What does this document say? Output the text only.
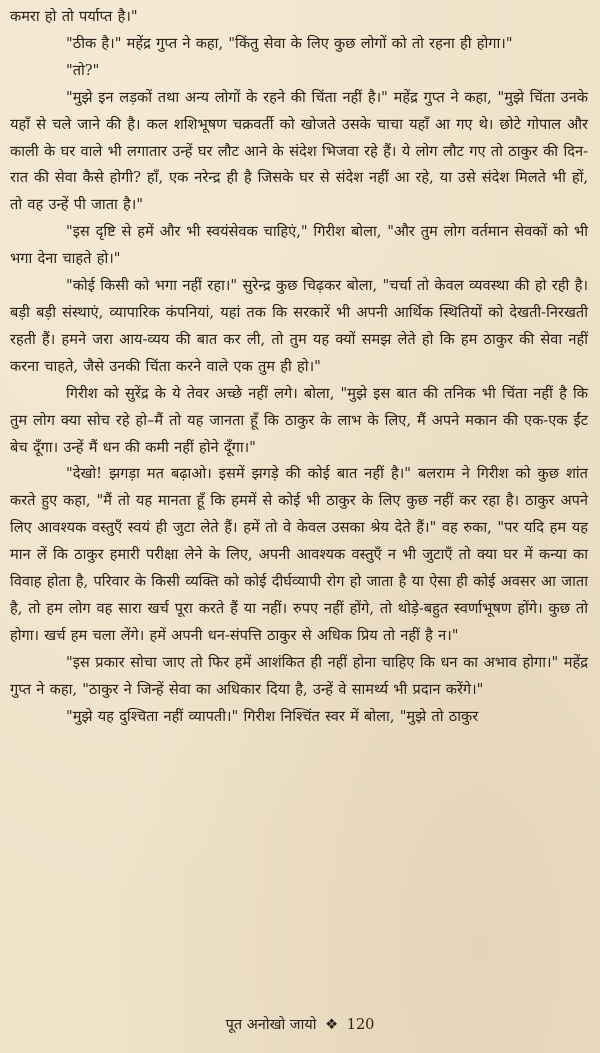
कमरा हो तो पर्याप्त है।"

"ठीक है।" महेंद्र गुप्त ने कहा, "किंतु सेवा के लिए कुछ लोगों को तो रहना ही होगा।"

"तो?"

"मुझे इन लड़कों तथा अन्य लोगों के रहने की चिंता नहीं है।" महेंद्र गुप्त ने कहा, "मुझे चिंता उनके यहाँ से चले जाने की है। कल शशिभूषण चक्रवर्ती को खोजते उसके चाचा यहाँ आ गए थे। छोटे गोपाल और काली के घर वाले भी लगातार उन्हें घर लौट आने के संदेश भिजवा रहे हैं। ये लोग लौट गए तो ठाकुर की दिन-रात की सेवा कैसे होगी? हाँ, एक नरेन्द्र ही है जिसके घर से संदेश नहीं आ रहे, या उसे संदेश मिलते भी हों, तो वह उन्हें पी जाता है।"

"इस दृष्टि से हमें और भी स्वयंसेवक चाहिएं," गिरीश बोला, "और तुम लोग वर्तमान सेवकों को भी भगा देना चाहते हो।"

"कोई किसी को भगा नहीं रहा।" सुरेन्द्र कुछ चिढ़कर बोला, "चर्चा तो केवल व्यवस्था की हो रही है। बड़ी बड़ी संस्थाएं, व्यापारिक कंपनियां, यहां तक कि सरकारें भी अपनी आर्थिक स्थितियों को देखती-निरखती रहती हैं। हमने जरा आय-व्यय की बात कर ली, तो तुम यह क्यों समझ लेते हो कि हम ठाकुर की सेवा नहीं करना चाहते, जैसे उनकी चिंता करने वाले एक तुम ही हो।"

गिरीश को सुरेंद्र के ये तेवर अच्छे नहीं लगे। बोला, "मुझे इस बात की तनिक भी चिंता नहीं है कि तुम लोग क्या सोच रहे हो–मैं तो यह जानता हूँ कि ठाकुर के लाभ के लिए, मैं अपने मकान की एक-एक ईंट बेच दूँगा। उन्हें मैं धन की कमी नहीं होने दूँगा।"

"देखो! झगड़ा मत बढ़ाओ। इसमें झगड़े की कोई बात नहीं है।" बलराम ने गिरीश को कुछ शांत करते हुए कहा, "मैं तो यह मानता हूँ कि हममें से कोई भी ठाकुर के लिए कुछ नहीं कर रहा है। ठाकुर अपने लिए आवश्यक वस्तुएँ स्वयं ही जुटा लेते हैं। हमें तो वे केवल उसका श्रेय देते हैं।" वह रुका, "पर यदि हम यह मान लें कि ठाकुर हमारी परीक्षा लेने के लिए, अपनी आवश्यक वस्तुएँ न भी जुटाएँ तो क्या घर में कन्या का विवाह होता है, परिवार के किसी व्यक्ति को कोई दीर्घव्यापी रोग हो जाता है या ऐसा ही कोई अवसर आ जाता है, तो हम लोग वह सारा खर्च पूरा करते हैं या नहीं। रुपए नहीं होंगे, तो थोड़े-बहुत स्वर्णाभूषण होंगे। कुछ तो होगा। खर्च हम चला लेंगे। हमें अपनी धन-संपत्ति ठाकुर से अधिक प्रिय तो नहीं है न।"

"इस प्रकार सोचा जाए तो फिर हमें आशंकित ही नहीं होना चाहिए कि धन का अभाव होगा।" महेंद्र गुप्त ने कहा, "ठाकुर ने जिन्हें सेवा का अधिकार दिया है, उन्हें वे सामर्थ्य भी प्रदान करेंगे।"

"मुझे यह दुश्चिता नहीं व्यापती।" गिरीश निश्चिंत स्वर में बोला, "मुझे तो ठाकुर

पूत अनोखो जायो ❖ 120
